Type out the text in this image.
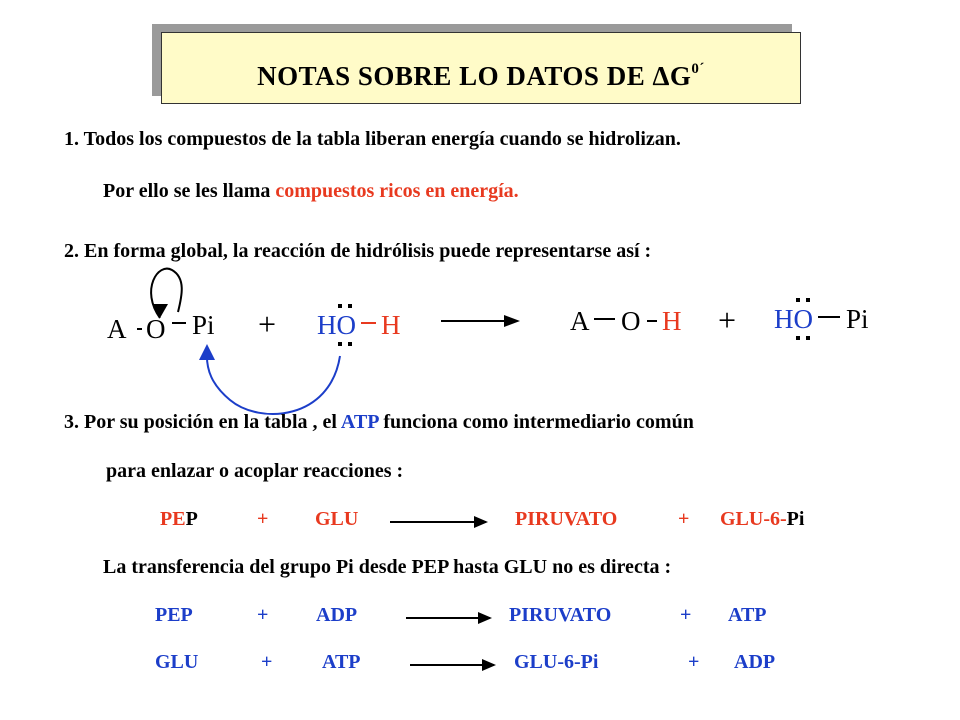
NOTAS SOBRE LO DATOS DE $\Delta G^{0´}$
1. Todos los compuestos de la tabla liberan energía cuando se hidrolizan.
Por ello se les llama compuestos ricos en energía.
2. En forma global, la reacción de hidrólisis puede representarse así :
A O Pi + HO H	A O H + HO Pi
3. Por su posición en la tabla , el ATP funciona como intermediario común
para enlazar o acoplar reacciones :
PEP	+ GLU	PIRUVATO	+ GLU-6-Pi
La transferencia del grupo Pi desde PEP hasta GLU no es directa :
PEP	+ ADP	PIRUVATO	+ ATP
GLU	+ ATP	GLU-6-Pi	+ ADP
